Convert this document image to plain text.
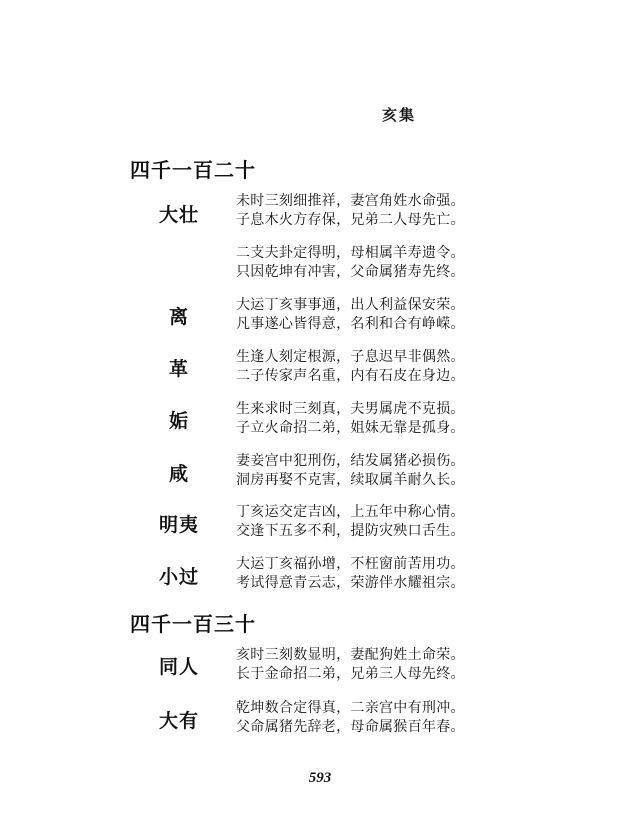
亥集
四千一百二十
大壮
未时三刻细推祥，妻宫角姓水命强。
子息木火方存保，兄弟二人母先亡。
二支夫卦定得明，母相属羊寿遗令。
只因乾坤有冲害，父命属猪寿先终。
离
大运丁亥事事通，出人利益保安荣。
凡事遂心皆得意，名利和合有峥嵘。
革
生逢人刻定根源，子息迟早非偶然。
二子传家声名重，内有石皮在身边。
姤
生来求时三刻真，夫男属虎不克损。
子立火命招二弟，姐妹无靠是孤身。
咸
妻妾宫中犯刑伤，结发属猪必损伤。
洞房再娶不克害，续取属羊耐久长。
明夷
丁亥运交定吉凶，上五年中称心情。
交逢下五多不利，提防灾殃口舌生。
小过
大运丁亥福孙增，不枉窗前苦用功。
考试得意青云志，荣游伴水耀祖宗。
四千一百三十
同人
亥时三刻数显明，妻配狗姓土命荣。
长于金命招二弟，兄弟三人母先终。
大有
乾坤数合定得真，二亲宫中有刑冲。
父命属猪先辞老，母命属猴百年春。
593
